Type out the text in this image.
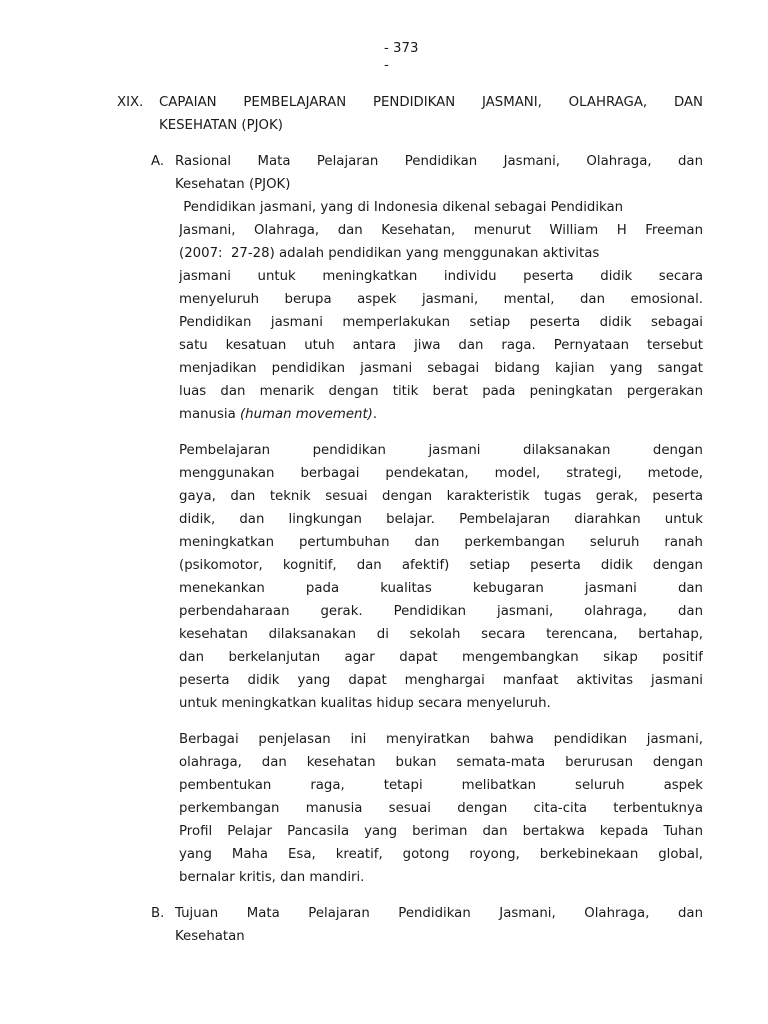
- 373
-
XIX.	CAPAIAN PEMBELAJARAN PENDIDIKAN JASMANI, OLAHRAGA, DAN
KESEHATAN (PJOK)
A. Rasional Mata Pelajaran Pendidikan Jasmani, Olahraga, dan
Kesehatan (PJOK)
Pendidikan jasmani, yang di Indonesia dikenal sebagai Pendidikan
Jasmani, Olahraga, dan Kesehatan, menurut William H Freeman
(2007:  27-28) adalah pendidikan yang menggunakan aktivitas
jasmani untuk meningkatkan individu peserta didik secara
menyeluruh berupa aspek jasmani, mental, dan emosional.
Pendidikan jasmani memperlakukan setiap peserta didik sebagai
satu kesatuan utuh antara jiwa dan raga. Pernyataan tersebut
menjadikan pendidikan jasmani sebagai bidang kajian yang sangat
luas dan menarik dengan titik berat pada peningkatan pergerakan
manusia (human movement).
Pembelajaran pendidikan jasmani dilaksanakan dengan
menggunakan berbagai pendekatan, model, strategi, metode,
gaya, dan teknik sesuai dengan karakteristik tugas gerak, peserta
didik, dan lingkungan belajar. Pembelajaran diarahkan untuk
meningkatkan pertumbuhan dan perkembangan seluruh ranah
(psikomotor, kognitif, dan afektif) setiap peserta didik dengan
menekankan pada kualitas kebugaran jasmani dan
perbendaharaan gerak. Pendidikan jasmani, olahraga, dan
kesehatan dilaksanakan di sekolah secara terencana, bertahap,
dan berkelanjutan agar dapat mengembangkan sikap positif
peserta didik yang dapat menghargai manfaat aktivitas jasmani
untuk meningkatkan kualitas hidup secara menyeluruh.
Berbagai penjelasan ini menyiratkan bahwa pendidikan jasmani,
olahraga, dan kesehatan bukan semata-mata berurusan dengan
pembentukan raga, tetapi melibatkan seluruh aspek
perkembangan manusia sesuai dengan cita-cita terbentuknya
Profil Pelajar Pancasila yang beriman dan bertakwa kepada Tuhan
yang Maha Esa, kreatif, gotong royong, berkebinekaan global,
bernalar kritis, dan mandiri.
B. Tujuan Mata Pelajaran Pendidikan Jasmani, Olahraga, dan
Kesehatan
